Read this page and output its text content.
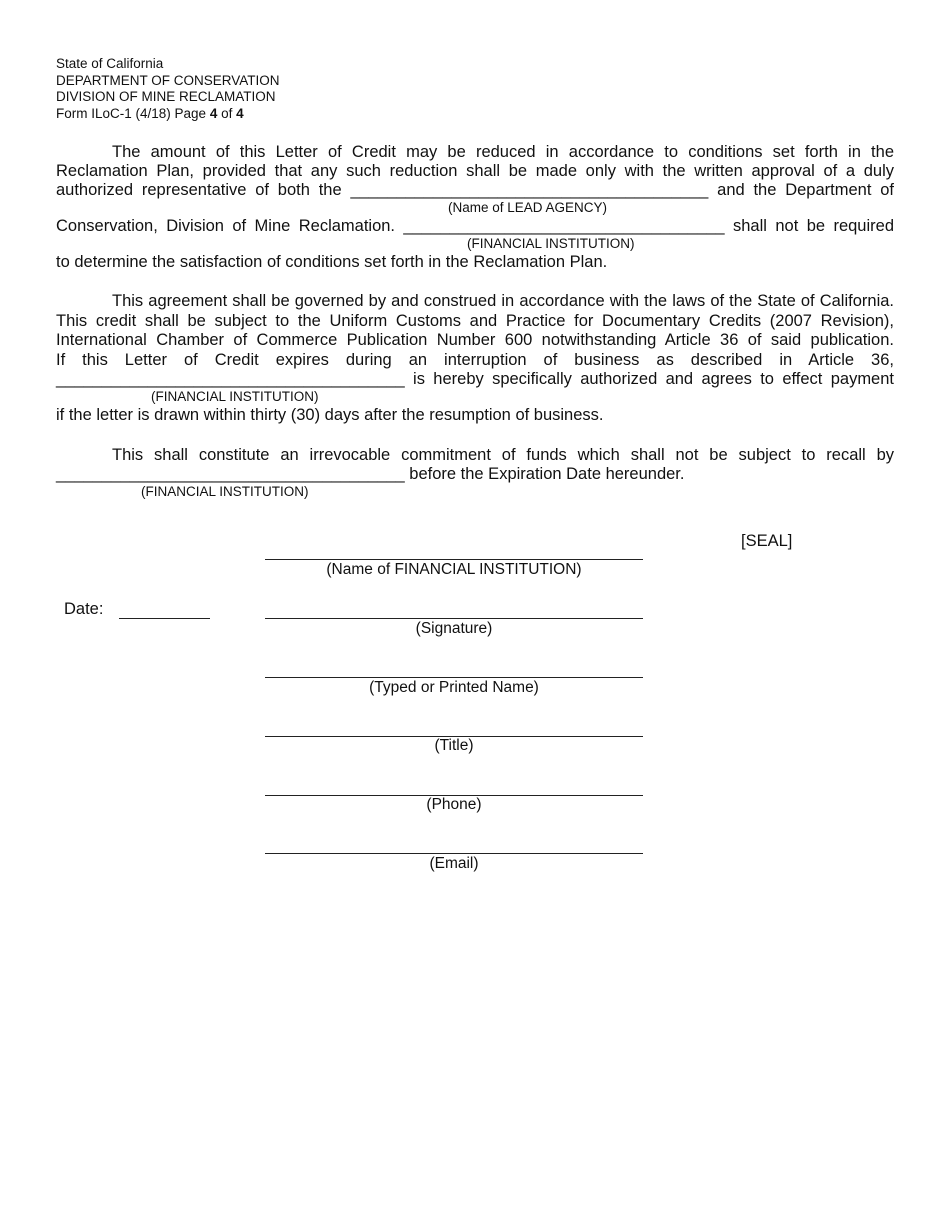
State of California
DEPARTMENT OF CONSERVATION
DIVISION OF MINE RECLAMATION
Form ILoC-1 (4/18) Page 4 of 4
The amount of this Letter of Credit may be reduced in accordance to conditions set forth in the
Reclamation Plan, provided that any such reduction shall be made only with the written approval of a duly
authorized representative of both the _______________________________________ and the Department of
(Name of LEAD AGENCY)
Conservation, Division of Mine Reclamation. ___________________________________ shall not be required
(FINANCIAL INSTITUTION)
to determine the satisfaction of conditions set forth in the Reclamation Plan.
This agreement shall be governed by and construed in accordance with the laws of the State of California.
This credit shall be subject to the Uniform Customs and Practice for Documentary Credits (2007 Revision),
International Chamber of Commerce Publication Number 600 notwithstanding Article 36 of said publication.
If this Letter of Credit expires during an interruption of business as described in Article 36,
______________________________________ is hereby specifically authorized and agrees to effect payment
(FINANCIAL INSTITUTION)
if the letter is drawn within thirty (30) days after the resumption of business.
This shall constitute an irrevocable commitment of funds which shall not be subject to recall by
______________________________________ before the Expiration Date hereunder.
(FINANCIAL INSTITUTION)
[SEAL]
(Name of FINANCIAL INSTITUTION)
Date:
(Signature)
(Typed or Printed Name)
(Title)
(Phone)
(Email)
